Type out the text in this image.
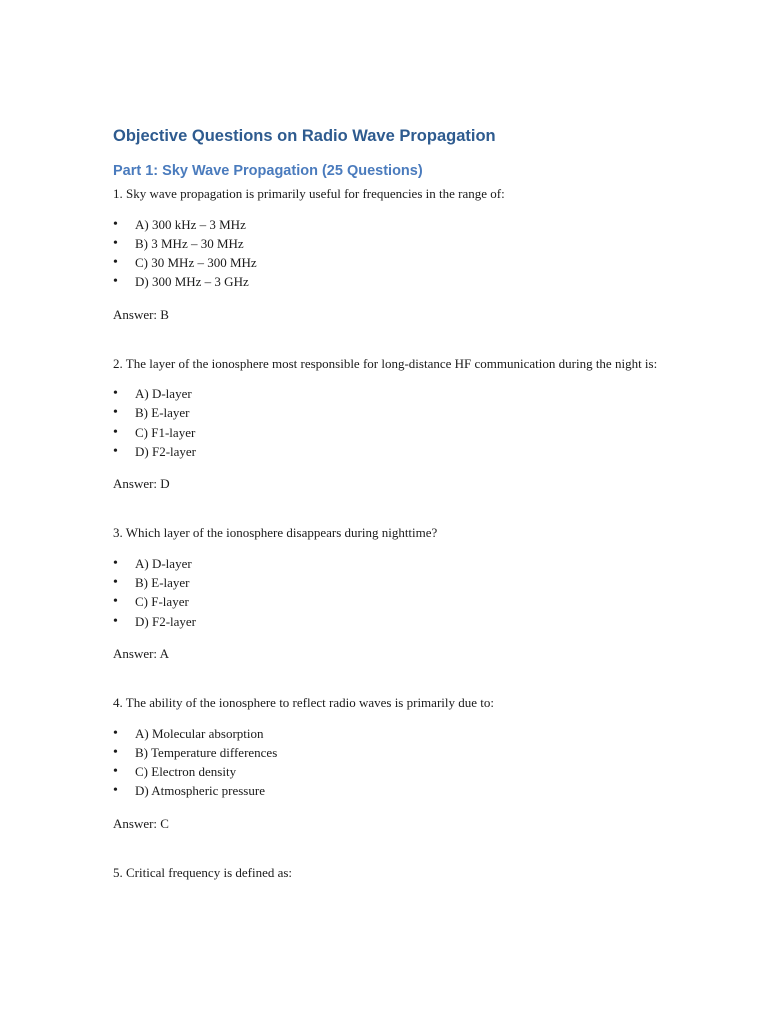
Objective Questions on Radio Wave Propagation
Part 1: Sky Wave Propagation (25 Questions)

1. Sky wave propagation is primarily useful for frequencies in the range of:

• A) 300 kHz – 3 MHz
• B) 3 MHz – 30 MHz
• C) 30 MHz – 300 MHz
• D) 300 MHz – 3 GHz

Answer: B

2. The layer of the ionosphere most responsible for long-distance HF communication during the night is:

• A) D-layer
• B) E-layer
• C) F1-layer
• D) F2-layer

Answer: D

3. Which layer of the ionosphere disappears during nighttime?

• A) D-layer
• B) E-layer
• C) F-layer
• D) F2-layer

Answer: A

4. The ability of the ionosphere to reflect radio waves is primarily due to:

• A) Molecular absorption
• B) Temperature differences
• C) Electron density
• D) Atmospheric pressure

Answer: C

5. Critical frequency is defined as:
